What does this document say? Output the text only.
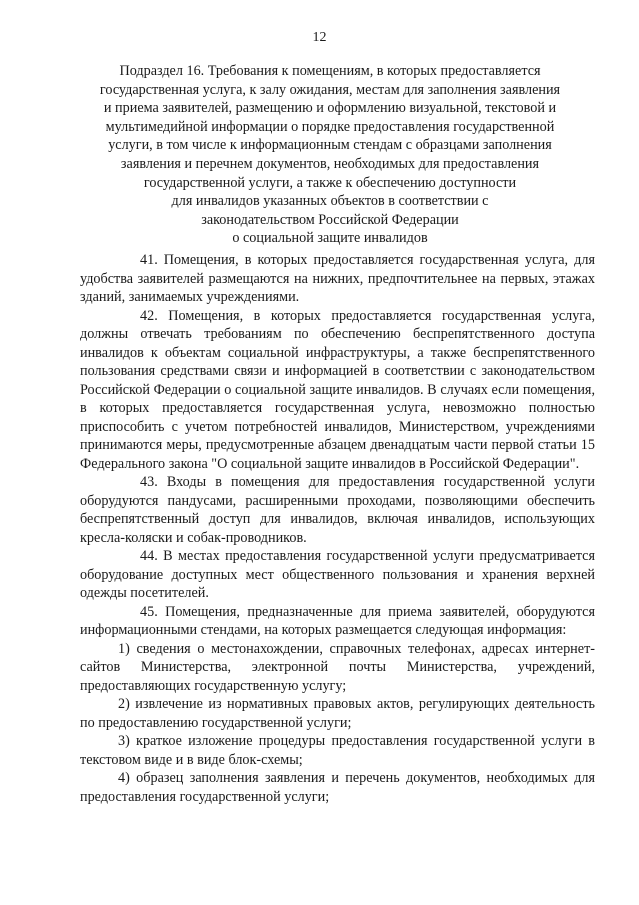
12
Подраздел 16. Требования к помещениям, в которых предоставляется
государственная услуга, к залу ожидания, местам для заполнения заявления
и приема заявителей, размещению и оформлению визуальной, текстовой и
мультимедийной информации о порядке предоставления государственной
услуги, в том числе к информационным стендам с образцами заполнения
заявления и перечнем документов, необходимых для предоставления
государственной услуги, а также к обеспечению доступности
для инвалидов указанных объектов в соответствии с
законодательством Российской Федерации
о социальной защите инвалидов

41. Помещения, в которых предоставляется государственная услуга, для удобства заявителей размещаются на нижних, предпочтительнее на первых, этажах зданий, занимаемых учреждениями.

42. Помещения, в которых предоставляется государственная услуга, должны отвечать требованиям по обеспечению беспрепятственного доступа инвалидов к объектам социальной инфраструктуры, а также беспрепятственного пользования средствами связи и информацией в соответствии с законодательством Российской Федерации о социальной защите инвалидов. В случаях если помещения, в которых предоставляется государственная услуга, невозможно полностью приспособить с учетом потребностей инвалидов, Министерством, учреждениями принимаются меры, предусмотренные абзацем двенадцатым части первой статьи 15 Федерального закона "О социальной защите инвалидов в Российской Федерации".

43. Входы в помещения для предоставления государственной услуги оборудуются пандусами, расширенными проходами, позволяющими обеспечить беспрепятственный доступ для инвалидов, включая инвалидов, использующих кресла-коляски и собак-проводников.

44. В местах предоставления государственной услуги предусматривается оборудование доступных мест общественного пользования и хранения верхней одежды посетителей.

45. Помещения, предназначенные для приема заявителей, оборудуются информационными стендами, на которых размещается следующая информация:

1) сведения о местонахождении, справочных телефонах, адресах интернет-сайтов Министерства, электронной почты Министерства, учреждений, предоставляющих государственную услугу;

2) извлечение из нормативных правовых актов, регулирующих деятельность по предоставлению государственной услуги;

3) краткое изложение процедуры предоставления государственной услуги в текстовом виде и в виде блок-схемы;

4) образец заполнения заявления и перечень документов, необходимых для предоставления государственной услуги;
